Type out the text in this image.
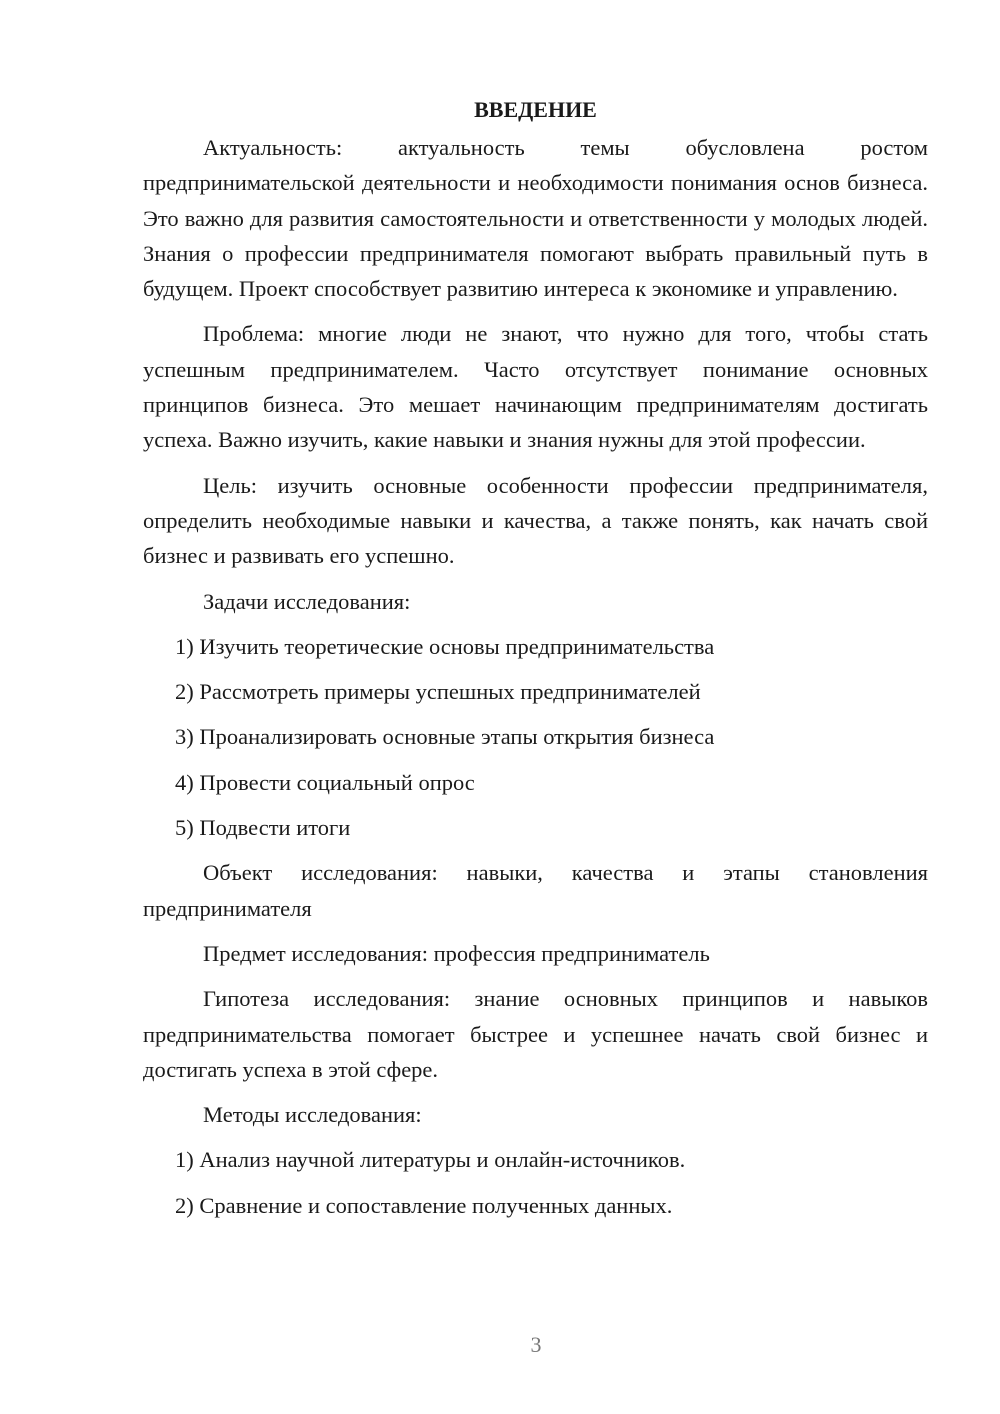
ВВЕДЕНИЕ

Актуальность: актуальность темы обусловлена ростом предпринимательской деятельности и необходимости понимания основ бизнеса. Это важно для развития самостоятельности и ответственности у молодых людей. Знания о профессии предпринимателя помогают выбрать правильный путь в будущем. Проект способствует развитию интереса к экономике и управлению.

Проблема: многие люди не знают, что нужно для того, чтобы стать успешным предпринимателем. Часто отсутствует понимание основных принципов бизнеса. Это мешает начинающим предпринимателям достигать успеха. Важно изучить, какие навыки и знания нужны для этой профессии.

Цель: изучить основные особенности профессии предпринимателя, определить необходимые навыки и качества, а также понять, как начать свой бизнес и развивать его успешно.

Задачи исследования:

1) Изучить теоретические основы предпринимательства
2) Рассмотреть примеры успешных предпринимателей
3) Проанализировать основные этапы открытия бизнеса
4) Провести социальный опрос
5) Подвести итоги

Объект исследования: навыки, качества и этапы становления предпринимателя

Предмет исследования: профессия предприниматель

Гипотеза исследования: знание основных принципов и навыков предпринимательства помогает быстрее и успешнее начать свой бизнес и достигать успеха в этой сфере.

Методы исследования:

1) Анализ научной литературы и онлайн-источников.
2) Сравнение и сопоставление полученных данных.
3
